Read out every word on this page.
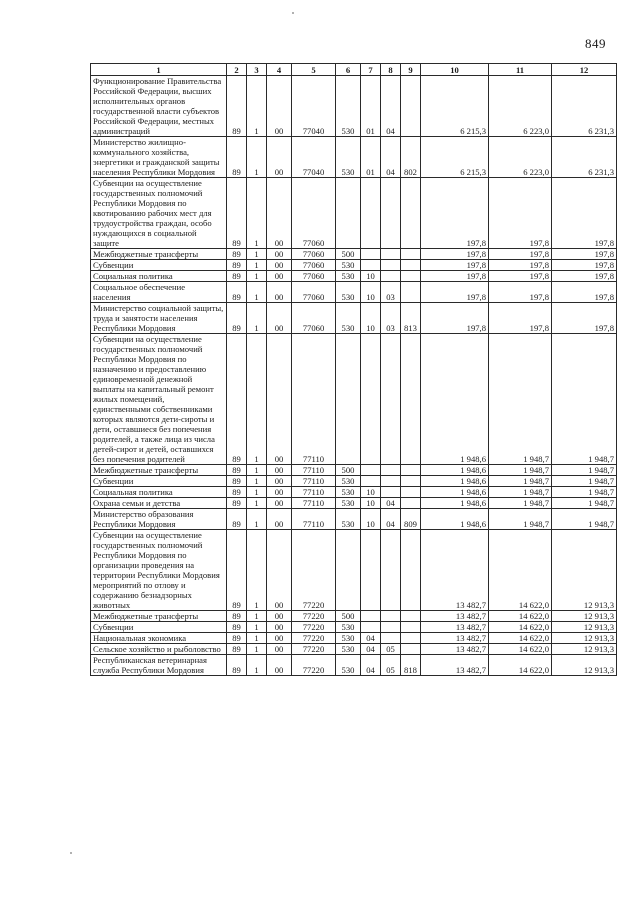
849
1	2	3	4	5	6	7	8	9	10	11	12
Функционирование Правительства Российской Федерации, высших исполнительных органов государственной власти субъектов Российской Федерации, местных администраций	89	1	00	77040	530	01	04		6 215,3	6 223,0	6 231,3
Министерство жилищно-коммунального хозяйства, энергетики и гражданской защиты населения Республики Мордовия	89	1	00	77040	530	01	04	802	6 215,3	6 223,0	6 231,3
Субвенции на осуществление государственных полномочий Республики Мордовия по квотированию рабочих мест для трудоустройства граждан, особо нуждающихся в социальной защите	89	1	00	77060					197,8	197,8	197,8
Межбюджетные трансферты	89	1	00	77060	500				197,8	197,8	197,8
Субвенции	89	1	00	77060	530				197,8	197,8	197,8
Социальная политика	89	1	00	77060	530	10			197,8	197,8	197,8
Социальное обеспечение населения	89	1	00	77060	530	10	03		197,8	197,8	197,8
Министерство социальной защиты, труда и занятости населения Республики Мордовия	89	1	00	77060	530	10	03	813	197,8	197,8	197,8
Субвенции на осуществление государственных полномочий Республики Мордовия по назначению и предоставлению единовременной денежной выплаты на капитальный ремонт жилых помещений, единственными собственниками которых являются дети-сироты и дети, оставшиеся без попечения родителей, а также лица из числа детей-сирот и детей, оставшихся без попечения родителей	89	1	00	77110					1 948,6	1 948,7	1 948,7
Межбюджетные трансферты	89	1	00	77110	500				1 948,6	1 948,7	1 948,7
Субвенции	89	1	00	77110	530				1 948,6	1 948,7	1 948,7
Социальная политика	89	1	00	77110	530	10			1 948,6	1 948,7	1 948,7
Охрана семьи и детства	89	1	00	77110	530	10	04		1 948,6	1 948,7	1 948,7
Министерство образования Республики Мордовия	89	1	00	77110	530	10	04	809	1 948,6	1 948,7	1 948,7
Субвенции на осуществление государственных полномочий Республики Мордовия по организации проведения на территории Республики Мордовия мероприятий по отлову и содержанию безнадзорных животных	89	1	00	77220					13 482,7	14 622,0	12 913,3
Межбюджетные трансферты	89	1	00	77220	500				13 482,7	14 622,0	12 913,3
Субвенции	89	1	00	77220	530				13 482,7	14 622,0	12 913,3
Национальная экономика	89	1	00	77220	530	04			13 482,7	14 622,0	12 913,3
Сельское хозяйство и рыболовство	89	1	00	77220	530	04	05		13 482,7	14 622,0	12 913,3
Республиканская ветеринарная служба Республики Мордовия	89	1	00	77220	530	04	05	818	13 482,7	14 622,0	12 913,3
